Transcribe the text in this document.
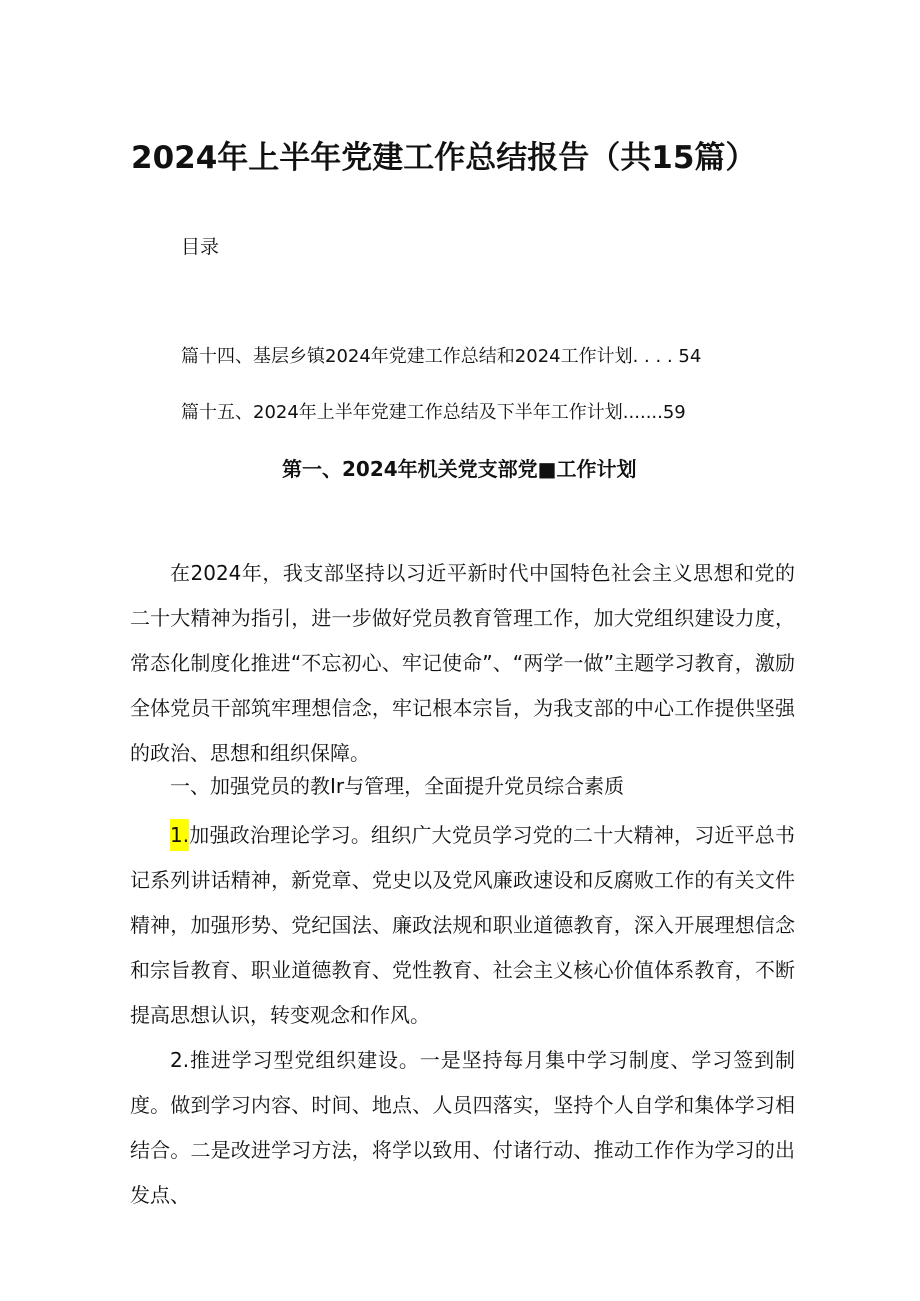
2024年上半年党建工作总结报告（共15篇）
目录
篇十四、基层乡镇2024年党建工作总结和2024工作计划. . . . 54
篇十五、2024年上半年党建工作总结及下半年工作计划.......59
第一、2024年机关党支部党■工作计划

在2024年，我支部坚持以习近平新时代中国特色社会主义思想和党的二十大精神为指引，进一步做好党员教育管理工作，加大党组织建设力度，常态化制度化推进“不忘初心、牢记使命”、“两学一做”主题学习教育，激励全体党员干部筑牢理想信念，牢记根本宗旨，为我支部的中心工作提供坚强的政治、思想和组织保障。

一、加强党员的教Ir与管理，全面提升党员综合素质

1.加强政治理论学习。组织广大党员学习党的二十大精神，习近平总书记系列讲话精神，新党章、党史以及党风廉政速设和反腐败工作的有关文件精神，加强形势、党纪国法、廉政法规和职业道德教育，深入开展理想信念和宗旨教育、职业道德教育、党性教育、社会主义核心价值体系教育，不断提高思想认识，转变观念和作风。

2.推进学习型党组织建设。一是坚持每月集中学习制度、学习签到制度。做到学习内容、时间、地点、人员四落实，坚持个人自学和集体学习相结合。二是改进学习方法，将学以致用、付诸行动、推动工作作为学习的出发点、
